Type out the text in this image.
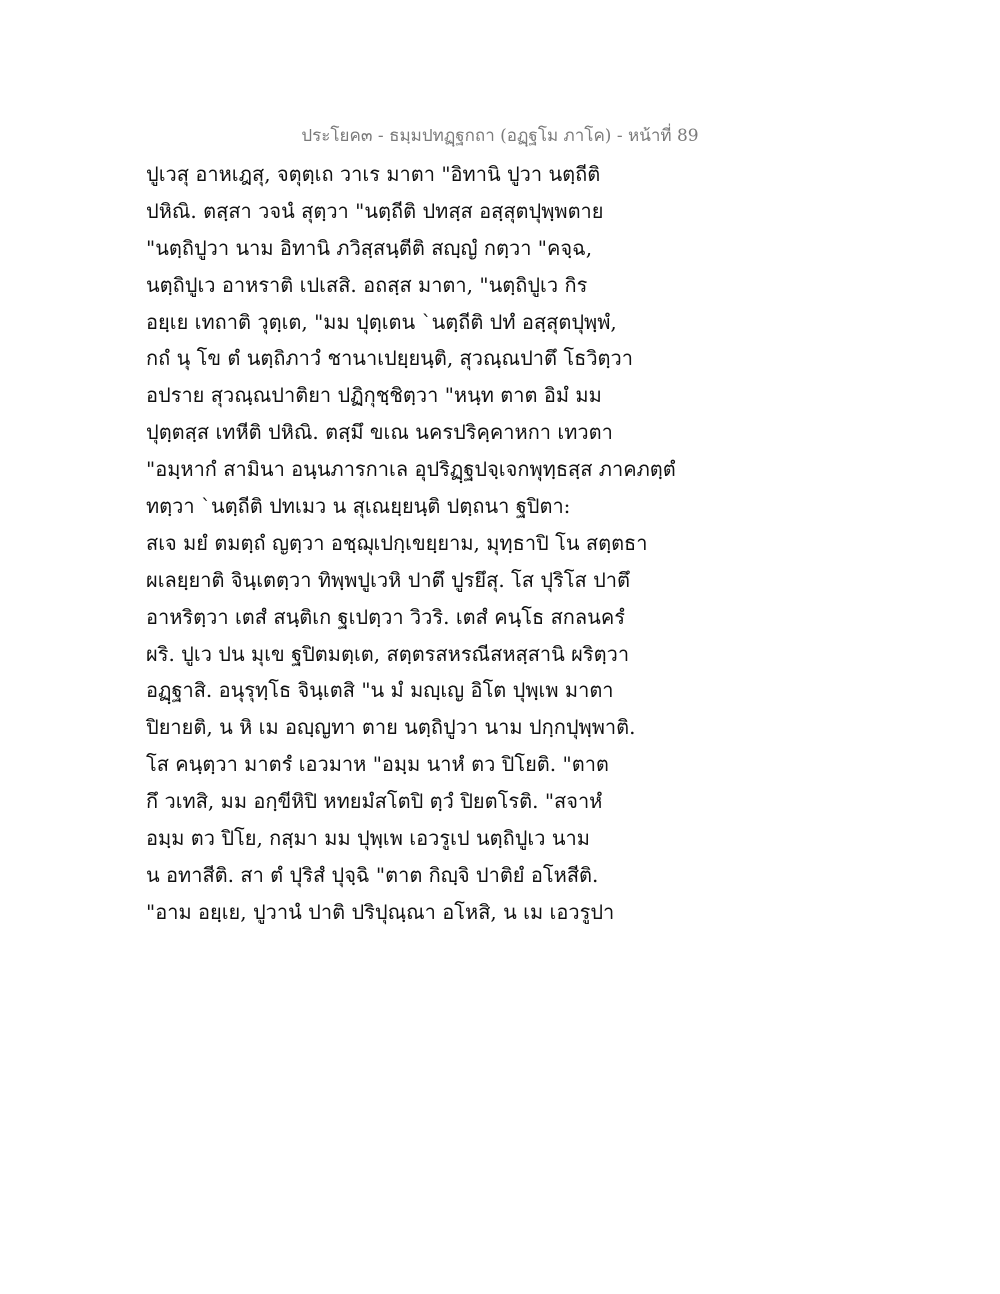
ประโยค๓ - ธมฺมปทฏฺฐกถา (อฏฺฐโม ภาโค) - หน้าที่ 89
ปูเวสุ อาหเฎสุ, จตุตฺเถ วาเร มาตา "อิทานิ ปูวา นตฺถีติ
ปหิณิ. ตสฺสา วจนํ สุตฺวา "นตฺถีติ ปทสฺส อสฺสุตปุพฺพตาย
"นตฺถิปูวา นาม อิทานิ ภวิสฺสนฺตีติ สญฺญํ กตฺวา "คจฺฉ,
นตฺถิปูเว อาหราติ เปเสสิ. อถสฺส มาตา, "นตฺถิปูเว กิร
อยฺเย เทถาติ วุตฺเต, "มม ปุตฺเตน `นตฺถีติ ปทํ อสฺสุตปุพฺพํ,
กถํ นุ โข ตํ นตฺถิภาวํ ชานาเปยฺยนฺติ, สุวณฺณปาตึ โธวิตฺวา
อปราย สุวณฺณปาติยา ปฏิกุชฺชิตฺวา "หนฺท ตาต อิมํ มม
ปุตฺตสฺส เทหีติ ปหิณิ. ตสฺมึ ขเณ นครปริคฺคาหกา เทวตา
"อมฺหากํ สามินา อนฺนภารกาเล อุปริฏฺฐปจฺเจกพุทฺธสฺส ภาคภตฺตํ
ทตฺวา `นตฺถีติ ปทเมว น สุเณยฺยนฺติ ปตฺถนา ฐปิตา:
สเจ มยํ ตมตฺถํ ญตฺวา อชฺฌุเปกฺเขยฺยาม, มุทฺธาปิ โน สตฺตธา
ผเลยฺยาติ จินฺเตตฺวา ทิพฺพปูเวหิ ปาตึ ปูรยึสุ. โส ปุริโส ปาตึ
อาหริตฺวา เตสํ สนฺติเก ฐเปตฺวา วิวริ. เตสํ คนฺโธ สกลนครํ
ผริ. ปูเว ปน มุเข ฐปิตมตฺเต, สตฺตรสหรณีสหสฺสานิ ผริตฺวา
อฏฺฐาสิ. อนุรุทฺโธ จินฺเตสิ "น มํ มญฺเญ อิโต ปุพฺเพ มาตา
ปิยายติ, น หิ เม อญฺญทา ตาย นตฺถิปูวา นาม ปกฺกปุพฺพาติ.
โส คนฺตฺวา มาตรํ เอวมาห "อมฺม นาหํ ตว ปิโยติ. "ตาต
กึ วเทสิ, มม อกฺขีหิปิ หทยมํสโตปิ ตฺวํ ปิยตโรติ. "สจาหํ
อมฺม ตว ปิโย, กสฺมา มม ปุพฺเพ เอวรูเป นตฺถิปูเว นาม
น อทาสีติ. สา ตํ ปุริสํ ปุจฺฉิ "ตาต กิญฺจิ ปาติยํ อโหสีติ.
"อาม อยฺเย, ปูวานํ ปาติ ปริปุณฺณา อโหสิ, น เม เอวรูปา
